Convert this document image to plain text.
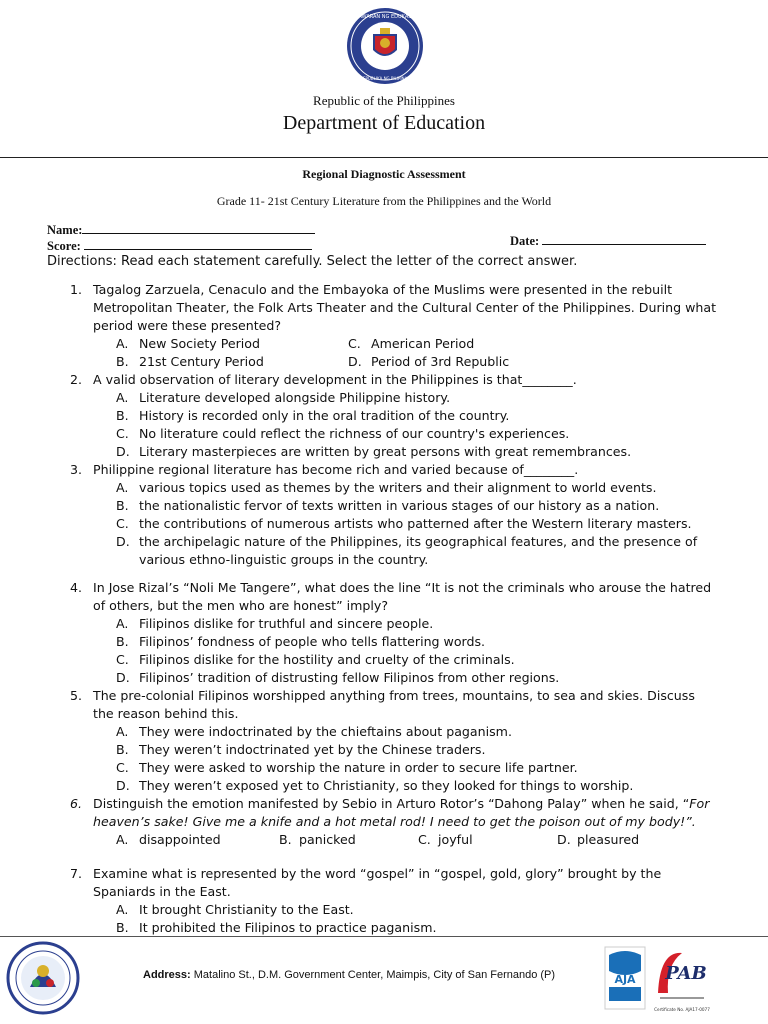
KAGAWARAN NG EDUKASYON
REPUBLIKA NG PILIPINAS
Republic of the Philippines
Department of Education
Regional Diagnostic Assessment
Grade 11- 21st Century Literature from the Philippines and the World
Name:
Score:	Date:
Directions: Read each statement carefully. Select the letter of the correct answer.
1. Tagalog Zarzuela, Cenaculo and the Embayoka of the Muslims were presented in the rebuilt Metropolitan Theater, the Folk Arts Theater and the Cultural Center of the Philippines. During what period were these presented?
A. New Society Period	C. American Period
B. 21st Century Period	D. Period of 3rd Republic
2. A valid observation of literary development in the Philippines is that________.
A. Literature developed alongside Philippine history.
B. History is recorded only in the oral tradition of the country.
C. No literature could reflect the richness of our country's experiences.
D. Literary masterpieces are written by great persons with great remembrances.
3. Philippine regional literature has become rich and varied because of________.
A. various topics used as themes by the writers and their alignment to world events.
B. the nationalistic fervor of texts written in various stages of our history as a nation.
C. the contributions of numerous artists who patterned after the Western literary masters.
D. the archipelagic nature of the Philippines, its geographical features, and the presence of various ethno-linguistic groups in the country.
4. In Jose Rizal’s “Noli Me Tangere”, what does the line “It is not the criminals who arouse the hatred of others, but the men who are honest” imply?
A. Filipinos dislike for truthful and sincere people.
B. Filipinos’ fondness of people who tells flattering words.
C. Filipinos dislike for the hostility and cruelty of the criminals.
D. Filipinos’ tradition of distrusting fellow Filipinos from other regions.
5. The pre-colonial Filipinos worshipped anything from trees, mountains, to sea and skies. Discuss the reason behind this.
A. They were indoctrinated by the chieftains about paganism.
B. They weren’t indoctrinated yet by the Chinese traders.
C. They were asked to worship the nature in order to secure life partner.
D. They weren’t exposed yet to Christianity, so they looked for things to worship.
6. Distinguish the emotion manifested by Sebio in Arturo Rotor’s “Dahong Palay” when he said, “For heaven’s sake! Give me a knife and a hot metal rod! I need to get the poison out of my body!”.
A. disappointed	B. panicked	C. joyful	D. pleasured
7. Examine what is represented by the word “gospel” in “gospel, gold, glory” brought by the Spaniards in the East.
A. It brought Christianity to the East.
B. It prohibited the Filipinos to practice paganism.
Address: Matalino St., D.M. Government Center, Maimpis, City of San Fernando (P)	AJA PAB
Certificate No. AJA17-0077
